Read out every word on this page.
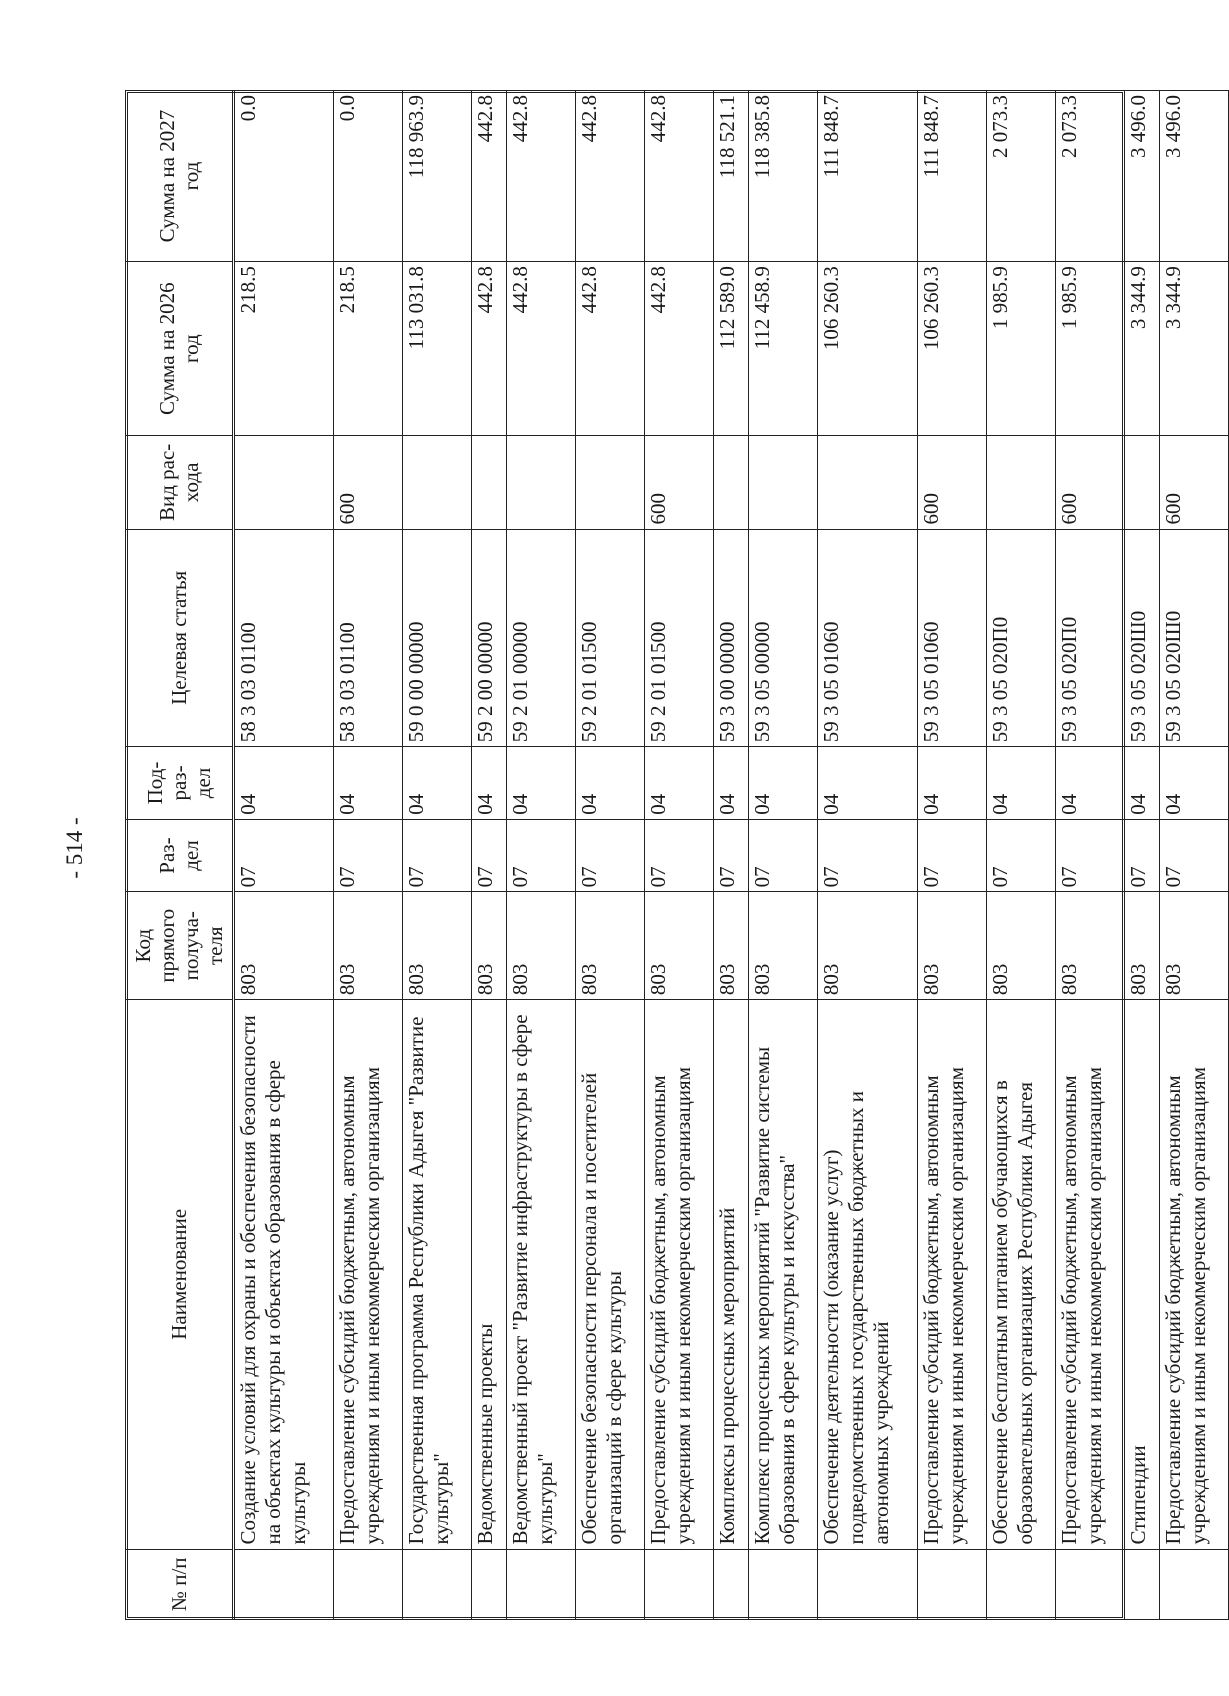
- 514 -
№ п/п	Наименование	Код прямого получа-теля	Раз-дел	Под-раз-дел	Целевая статья	Вид рас-хода	Сумма на 2026 год	Сумма на 2027 год
	Создание условий для охраны и обеспечения безопасности на объектах культуры и объектах образования в сфере культуры	803	07	04	58 3 03 01100		218.5	0.0
	Предоставление субсидий бюджетным, автономным учреждениям и иным некоммерческим организациям	803	07	04	58 3 03 01100	600	218.5	0.0
	Государственная программа Республики Адыгея "Развитие культуры"	803	07	04	59 0 00 00000		113 031.8	118 963.9
	Ведомственные проекты	803	07	04	59 2 00 00000		442.8	442.8
	Ведомственный проект "Развитие инфраструктуры в сфере культуры"	803	07	04	59 2 01 00000		442.8	442.8
	Обеспечение безопасности персонала и посетителей организаций в сфере культуры	803	07	04	59 2 01 01500		442.8	442.8
	Предоставление субсидий бюджетным, автономным учреждениям и иным некоммерческим организациям	803	07	04	59 2 01 01500	600	442.8	442.8
	Комплексы процессных мероприятий	803	07	04	59 3 00 00000		112 589.0	118 521.1
	Комплекс процессных мероприятий "Развитие системы образования в сфере культуры и искусства"	803	07	04	59 3 05 00000		112 458.9	118 385.8
	Обеспечение деятельности (оказание услуг) подведомственных государственных бюджетных и автономных учреждений	803	07	04	59 3 05 01060		106 260.3	111 848.7
	Предоставление субсидий бюджетным, автономным учреждениям и иным некоммерческим организациям	803	07	04	59 3 05 01060	600	106 260.3	111 848.7
	Обеспечение бесплатным питанием обучающихся в образовательных организациях Республики Адыгея	803	07	04	59 3 05 020П0		1 985.9	2 073.3
	Предоставление субсидий бюджетным, автономным учреждениям и иным некоммерческим организациям	803	07	04	59 3 05 020П0	600	1 985.9	2 073.3
	Стипендии	803	07	04	59 3 05 020Ш0		3 344.9	3 496.0
	Предоставление субсидий бюджетным, автономным учреждениям и иным некоммерческим организациям	803	07	04	59 3 05 020Ш0	600	3 344.9	3 496.0
